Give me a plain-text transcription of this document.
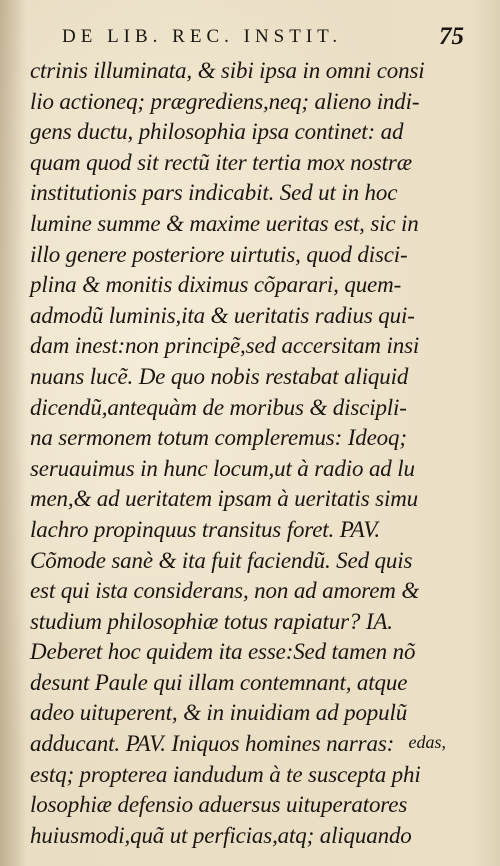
DE LIB. REC. INSTIT.	75
ctrinis illuminata, & sibi ipsa in omni consi
lio actioneq; prægrediens,neq; alieno indi-
gens ductu, philosophia ipsa continet: ad
quam quod sit rectũ iter tertia mox nostræ
institutionis pars indicabit. Sed ut in hoc
lumine summe & maxime ueritas est, sic in
illo genere posteriore uirtutis, quod disci-
plina & monitis diximus cõparari, quem-
admodũ luminis,ita & ueritatis radius qui-
dam inest:non principẽ,sed accersitam insi
nuans lucẽ. De quo nobis restabat aliquid
dicendũ,antequàm de moribus & discipli-
na sermonem totum compleremus: Ideoq;
seruauimus in hunc locum,ut à radio ad lu
men,& ad ueritatem ipsam à ueritatis simu
lachro propinquus transitus foret. PAV.
Cõmode sanè & ita fuit faciendũ. Sed quis
est qui ista considerans, non ad amorem &
studium philosophiæ totus rapiatur? IA.
Deberet hoc quidem ita esse:Sed tamen nõ
desunt Paule qui illam contemnant, atque
adeo uituperent, & in inuidiam ad populũ
adducant. PAV. Iniquos homines narras:
estq; propterea iandudum à te suscepta phi
losophiæ defensio aduersus uituperatores
huiusmodi,quã ut perficias,atq; aliquando
edas,
